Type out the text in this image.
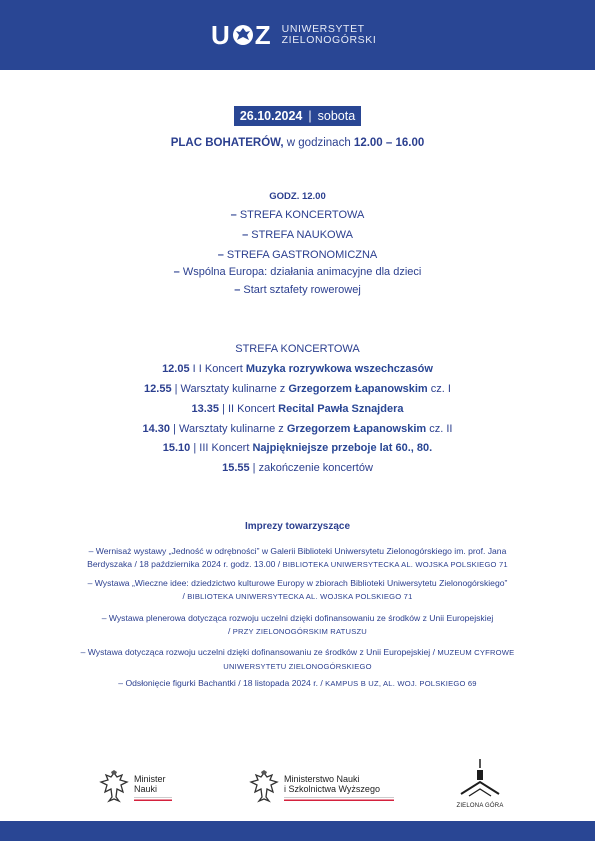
U Z UNIWERSYTET
ZIELONOGÓRSKI
26.10.2024 | sobota
PLAC BOHATERÓW, w godzinach 12.00 – 16.00
GODZ. 12.00
– STREFA KONCERTOWA
– STREFA NAUKOWA
– STREFA GASTRONOMICZNA
– Wspólna Europa: działania animacyjne dla dzieci
– Start sztafety rowerowej
STREFA KONCERTOWA
12.05 I I Koncert Muzyka rozrywkowa wszechczasów
12.55 | Warsztaty kulinarne z Grzegorzem Łapanowskim cz. I
13.35 | II Koncert Recital Pawła Sznajdera
14.30 | Warsztaty kulinarne z Grzegorzem Łapanowskim cz. II
15.10 | III Koncert Najpiękniejsze przeboje lat 60., 80.
15.55 | zakończenie koncertów
Imprezy towarzyszące
– Wernisaż wystawy „Jedność w odrębności” w Galerii Biblioteki Uniwersytetu Zielonogórskiego im. prof. Jana
Berdyszaka / 18 października 2024 r. godz. 13.00 / BIBLIOTEKA UNIWERSYTECKA AL. WOJSKA POLSKIEGO 71
– Wystawa „Wieczne idee: dziedzictwo kulturowe Europy w zbiorach Biblioteki Uniwersytetu Zielonogórskiego”
/ BIBLIOTEKA UNIWERSYTECKA AL. WOJSKA POLSKIEGO 71
– Wystawa plenerowa dotycząca rozwoju uczelni dzięki dofinansowaniu ze środków z Unii Europejskiej
/ PRZY ZIELONOGÓRSKIM RATUSZU
– Wystawa dotycząca rozwoju uczelni dzięki dofinansowaniu ze środków z Unii Europejskiej / MUZEUM CYFROWE
UNIWERSYTETU ZIELONOGÓRSKIEGO
– Odsłonięcie figurki Bachantki / 18 listopada 2024 r. / KAMPUS B UZ, AL. WOJ. POLSKIEGO 69
Minister
Nauki
Ministerstwo Nauki
i Szkolnictwa Wyższego
ZIELONA GÓRA
